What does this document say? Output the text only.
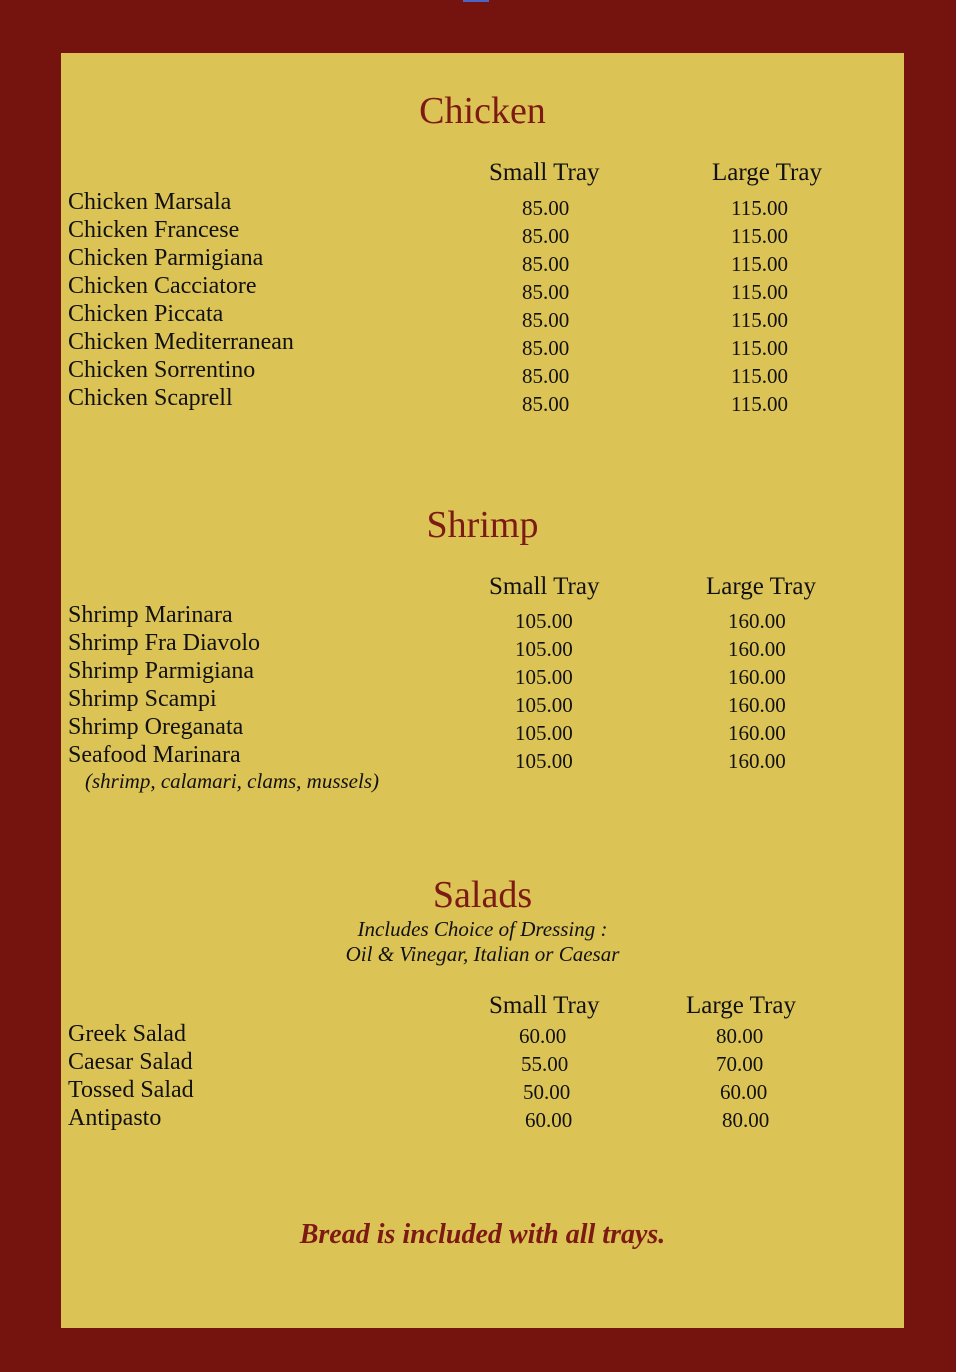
Chicken
Small Tray	Large Tray
Chicken Marsala	85.00	115.00
Chicken Francese	85.00	115.00
Chicken Parmigiana	85.00	115.00
Chicken Cacciatore	85.00	115.00
Chicken Piccata	85.00	115.00
Chicken Mediterranean	85.00	115.00
Chicken Sorrentino	85.00	115.00
Chicken Scaprell	85.00	115.00
Shrimp
Small Tray	Large Tray
Shrimp Marinara	105.00	160.00
Shrimp Fra Diavolo	105.00	160.00
Shrimp Parmigiana	105.00	160.00
Shrimp Scampi	105.00	160.00
Shrimp Oreganata	105.00	160.00
Seafood Marinara	105.00	160.00
(shrimp, calamari, clams, mussels)
Salads
Includes Choice of Dressing :
Oil & Vinegar, Italian or Caesar
Small Tray	Large Tray
Greek Salad	60.00	80.00
Caesar Salad	55.00	70.00
Tossed Salad	50.00	60.00
Antipasto	60.00	80.00
Bread is included with all trays.
